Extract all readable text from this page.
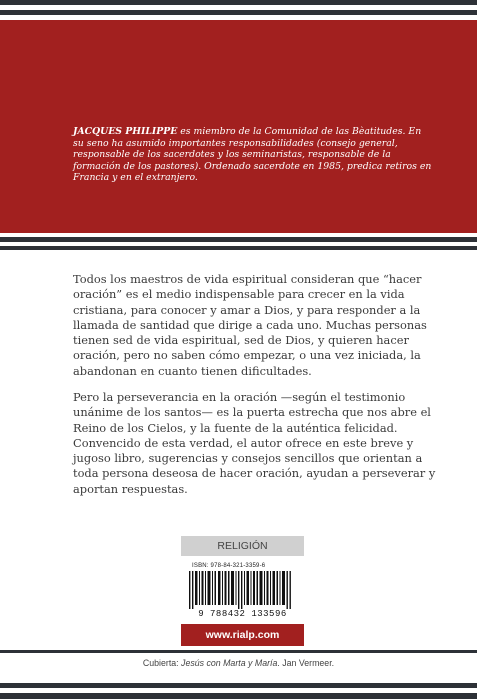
JACQUES PHILIPPE es miembro de la Comunidad de las Bèatitudes. En su seno ha asumido importantes responsabilidades (consejo general, responsable de los sacerdotes y los seminaristas, responsable de la formación de los pastores). Ordenado sacerdote en 1985, predica retiros en Francia y en el extranjero.

Todos los maestros de vida espiritual consideran que “hacer oración” es el medio indispensable para crecer en la vida cristiana, para conocer y amar a Dios, y para responder a la llamada de santidad que dirige a cada uno. Muchas personas tienen sed de vida espiritual, sed de Dios, y quieren hacer oración, pero no saben cómo empezar, o una vez iniciada, la abandonan en cuanto tienen dificultades.

Pero la perseverancia en la oración —según el testimonio unánime de los santos— es la puerta estrecha que nos abre el Reino de los Cielos, y la fuente de la auténtica felicidad. Convencido de esta verdad, el autor ofrece en este breve y jugoso libro, sugerencias y consejos sencillos que orientan a toda persona deseosa de hacer oración, ayudan a perseverar y aportan respuestas.

RELIGIÓN
ISBN: 978-84-321-3359-6
9 788432 133596
www.rialp.com
Cubierta: Jesús con Marta y María. Jan Vermeer.
